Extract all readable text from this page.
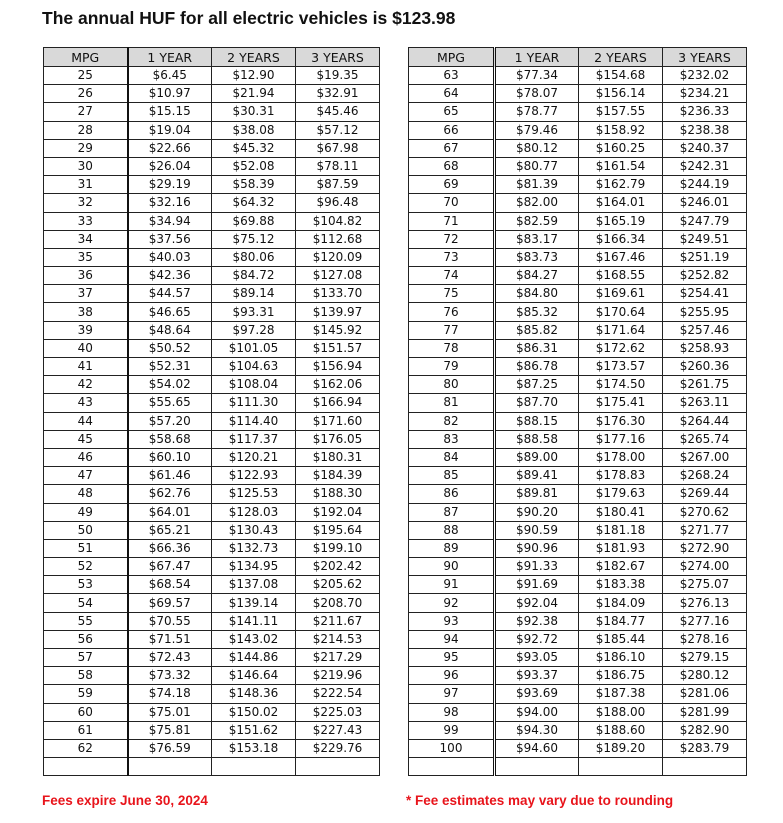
The annual HUF for all electric vehicles is $123.98
MPG	1 YEAR	2 YEARS	3 YEARS
25	$6.45	$12.90	$19.35
26	$10.97	$21.94	$32.91
27	$15.15	$30.31	$45.46
28	$19.04	$38.08	$57.12
29	$22.66	$45.32	$67.98
30	$26.04	$52.08	$78.11
31	$29.19	$58.39	$87.59
32	$32.16	$64.32	$96.48
33	$34.94	$69.88	$104.82
34	$37.56	$75.12	$112.68
35	$40.03	$80.06	$120.09
36	$42.36	$84.72	$127.08
37	$44.57	$89.14	$133.70
38	$46.65	$93.31	$139.97
39	$48.64	$97.28	$145.92
40	$50.52	$101.05	$151.57
41	$52.31	$104.63	$156.94
42	$54.02	$108.04	$162.06
43	$55.65	$111.30	$166.94
44	$57.20	$114.40	$171.60
45	$58.68	$117.37	$176.05
46	$60.10	$120.21	$180.31
47	$61.46	$122.93	$184.39
48	$62.76	$125.53	$188.30
49	$64.01	$128.03	$192.04
50	$65.21	$130.43	$195.64
51	$66.36	$132.73	$199.10
52	$67.47	$134.95	$202.42
53	$68.54	$137.08	$205.62
54	$69.57	$139.14	$208.70
55	$70.55	$141.11	$211.67
56	$71.51	$143.02	$214.53
57	$72.43	$144.86	$217.29
58	$73.32	$146.64	$219.96
59	$74.18	$148.36	$222.54
60	$75.01	$150.02	$225.03
61	$75.81	$151.62	$227.43
62	$76.59	$153.18	$229.76

MPG	1 YEAR	2 YEARS	3 YEARS
63	$77.34	$154.68	$232.02
64	$78.07	$156.14	$234.21
65	$78.77	$157.55	$236.33
66	$79.46	$158.92	$238.38
67	$80.12	$160.25	$240.37
68	$80.77	$161.54	$242.31
69	$81.39	$162.79	$244.19
70	$82.00	$164.01	$246.01
71	$82.59	$165.19	$247.79
72	$83.17	$166.34	$249.51
73	$83.73	$167.46	$251.19
74	$84.27	$168.55	$252.82
75	$84.80	$169.61	$254.41
76	$85.32	$170.64	$255.95
77	$85.82	$171.64	$257.46
78	$86.31	$172.62	$258.93
79	$86.78	$173.57	$260.36
80	$87.25	$174.50	$261.75
81	$87.70	$175.41	$263.11
82	$88.15	$176.30	$264.44
83	$88.58	$177.16	$265.74
84	$89.00	$178.00	$267.00
85	$89.41	$178.83	$268.24
86	$89.81	$179.63	$269.44
87	$90.20	$180.41	$270.62
88	$90.59	$181.18	$271.77
89	$90.96	$181.93	$272.90
90	$91.33	$182.67	$274.00
91	$91.69	$183.38	$275.07
92	$92.04	$184.09	$276.13
93	$92.38	$184.77	$277.16
94	$92.72	$185.44	$278.16
95	$93.05	$186.10	$279.15
96	$93.37	$186.75	$280.12
97	$93.69	$187.38	$281.06
98	$94.00	$188.00	$281.99
99	$94.30	$188.60	$282.90
100	$94.60	$189.20	$283.79

Fees expire June 30, 2024	* Fee estimates may vary due to rounding
